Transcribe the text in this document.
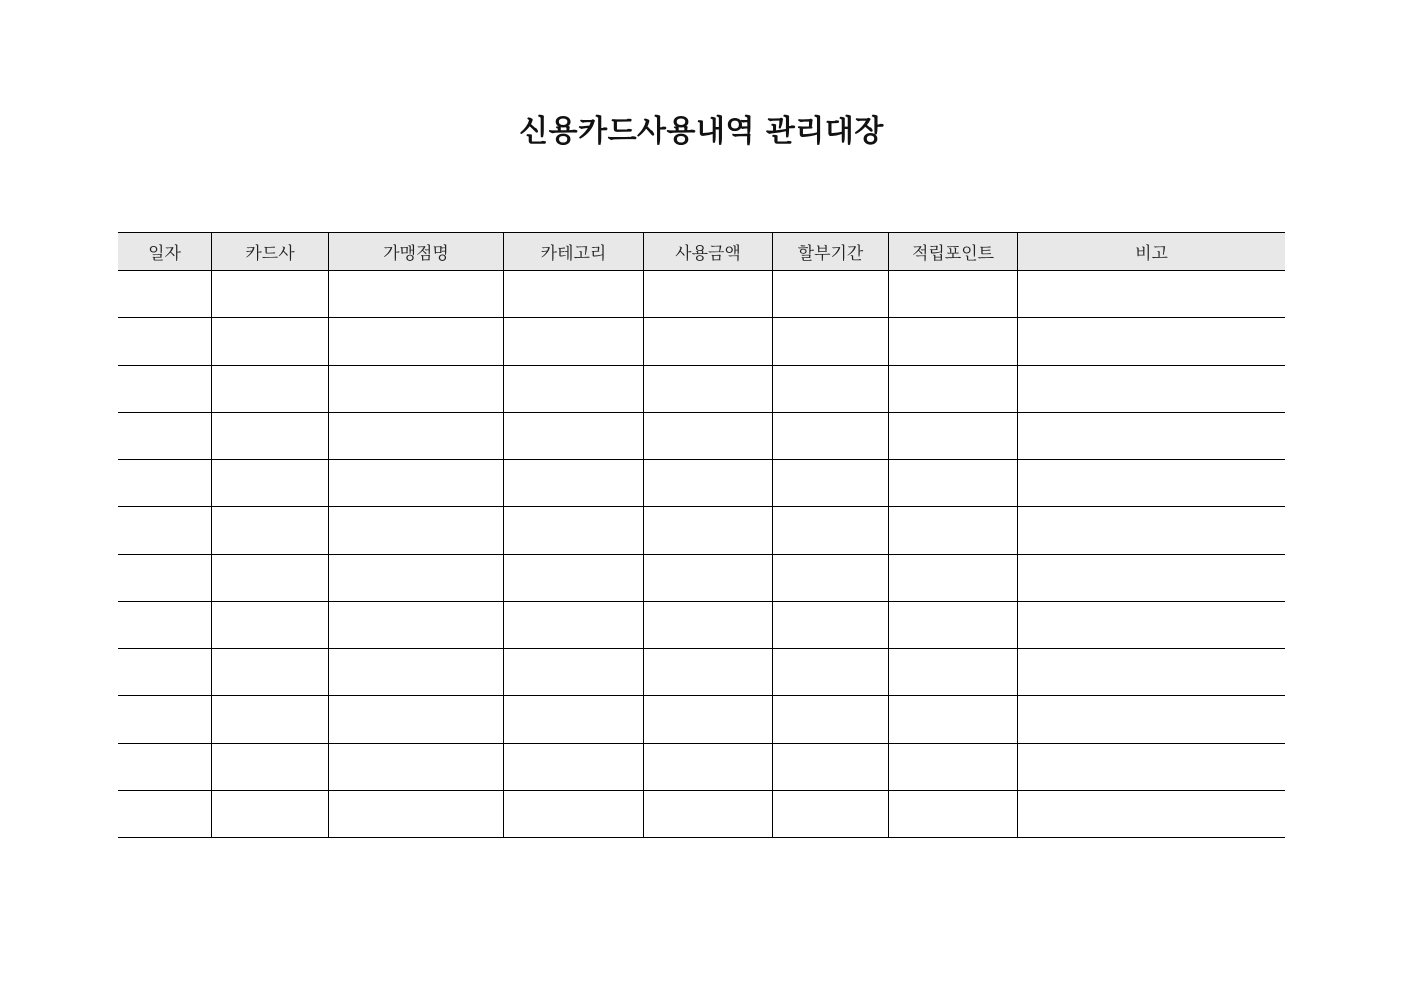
신용카드사용내역 관리대장
일자	카드사	가맹점명	카테고리	사용금액	할부기간	적립포인트	비고
